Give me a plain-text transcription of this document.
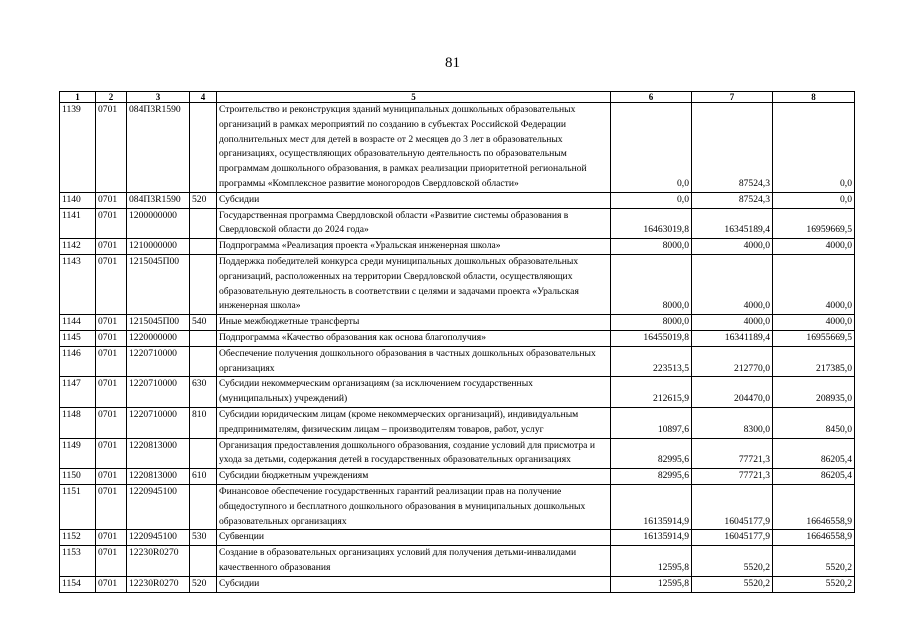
81
1	2	3	4	5	6	7	8
1139	0701	084П3R1590		Строительство и реконструкция зданий муниципальных дошкольных образовательных организаций в рамках мероприятий по созданию в субъектах Российской Федерации дополнительных мест для детей в возрасте от 2 месяцев до 3 лет в образовательных организациях, осуществляющих образовательную деятельность по образовательным программам дошкольного образования, в рамках реализации приоритетной региональной программы «Комплексное развитие моногородов Свердловской области»	0,0	87524,3	0,0
1140	0701	084П3R1590	520	Субсидии	0,0	87524,3	0,0
1141	0701	1200000000		Государственная программа Свердловской области «Развитие системы образования в Свердловской области до 2024 года»	16463019,8	16345189,4	16959669,5
1142	0701	1210000000		Подпрограмма «Реализация проекта «Уральская инженерная школа»	8000,0	4000,0	4000,0
1143	0701	1215045П00		Поддержка победителей конкурса среди муниципальных дошкольных образовательных организаций, расположенных на территории Свердловской области, осуществляющих образовательную деятельность в соответствии с целями и задачами проекта «Уральская инженерная школа»	8000,0	4000,0	4000,0
1144	0701	1215045П00	540	Иные межбюджетные трансферты	8000,0	4000,0	4000,0
1145	0701	1220000000		Подпрограмма «Качество образования как основа благополучия»	16455019,8	16341189,4	16955669,5
1146	0701	1220710000		Обеспечение получения дошкольного образования в частных дошкольных образовательных организациях	223513,5	212770,0	217385,0
1147	0701	1220710000	630	Субсидии некоммерческим организациям (за исключением государственных (муниципальных) учреждений)	212615,9	204470,0	208935,0
1148	0701	1220710000	810	Субсидии юридическим лицам (кроме некоммерческих организаций), индивидуальным предпринимателям, физическим лицам – производителям товаров, работ, услуг	10897,6	8300,0	8450,0
1149	0701	1220813000		Организация предоставления дошкольного образования, создание условий для присмотра и ухода за детьми, содержания детей в государственных образовательных организациях	82995,6	77721,3	86205,4
1150	0701	1220813000	610	Субсидии бюджетным учреждениям	82995,6	77721,3	86205,4
1151	0701	1220945100		Финансовое обеспечение государственных гарантий реализации прав на получение общедоступного и бесплатного дошкольного образования в муниципальных дошкольных образовательных организациях	16135914,9	16045177,9	16646558,9
1152	0701	1220945100	530	Субвенции	16135914,9	16045177,9	16646558,9
1153	0701	12230R0270		Создание в образовательных организациях условий для получения детьми-инвалидами качественного образования	12595,8	5520,2	5520,2
1154	0701	12230R0270	520	Субсидии	12595,8	5520,2	5520,2
